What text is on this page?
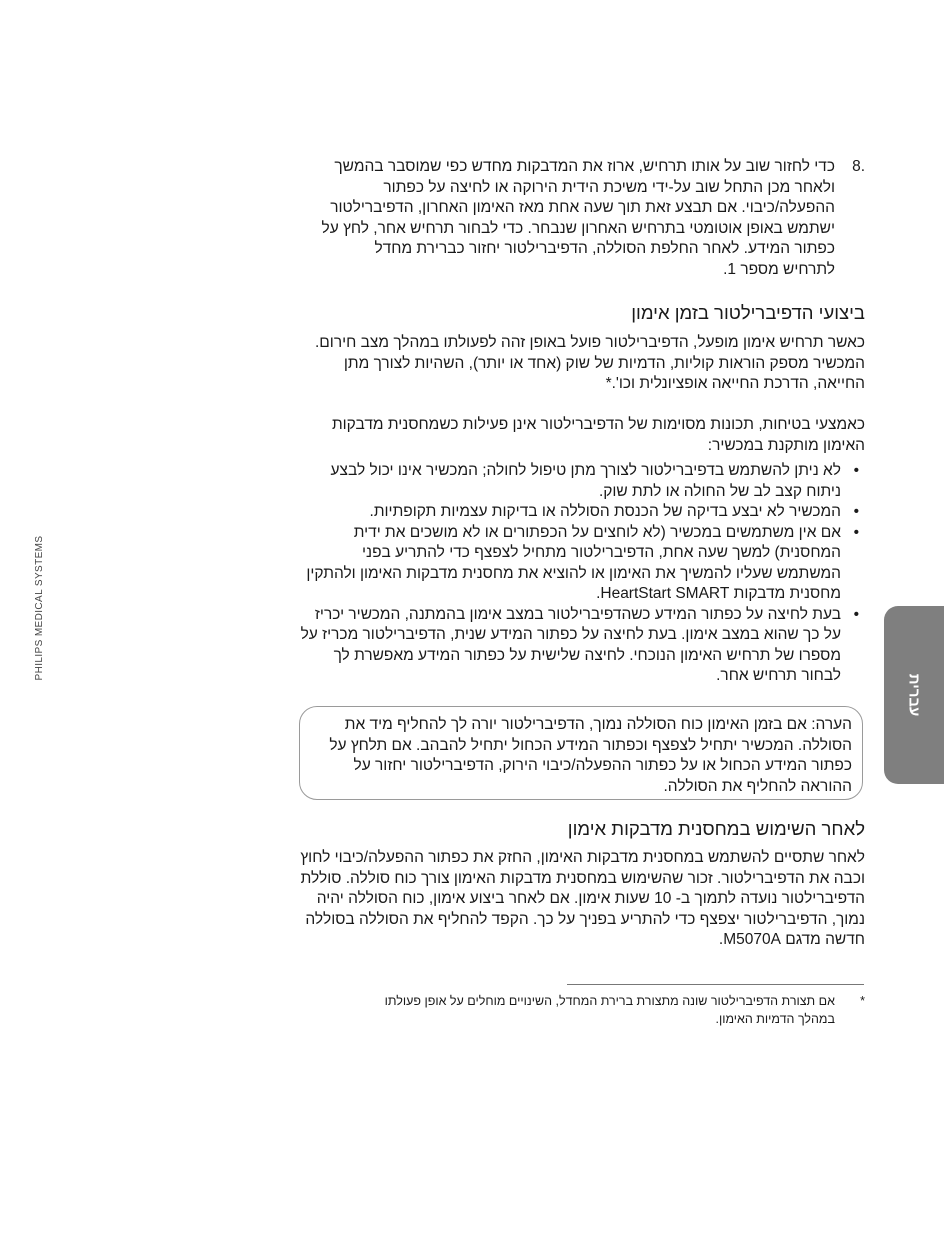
.8
כדי לחזור שוב על אותו תרחיש, ארוז את המדבקות מחדש כפי שמוסבר בהמשך ולאחר מכן התחל שוב על-ידי משיכת הידית הירוקה או לחיצה על כפתור ההפעלה/כיבוי. אם תבצע זאת תוך שעה אחת מאז האימון האחרון, הדפיברילטור ישתמש באופן אוטומטי בתרחיש האחרון שנבחר. כדי לבחור תרחיש אחר, לחץ על כפתור המידע. לאחר החלפת הסוללה, הדפיברילטור יחזור כברירת מחדל לתרחיש מספר 1.
ביצועי הדפיברילטור בזמן אימון

כאשר תרחיש אימון מופעל, הדפיברילטור פועל באופן זהה לפעולתו במהלך מצב חירום. המכשיר מספק הוראות קוליות, הדמיות של שוק (אחד או יותר), השהיות לצורך מתן החייאה, הדרכת החייאה אופציונלית וכו'.*

כאמצעי בטיחות, תכונות מסוימות של הדפיברילטור אינן פעילות כשמחסנית מדבקות האימון מותקנת במכשיר:

•
לא ניתן להשתמש בדפיברילטור לצורך מתן טיפול לחולה; המכשיר אינו יכול לבצע ניתוח קצב לב של החולה או לתת שוק.
•
המכשיר לא יבצע בדיקה של הכנסת הסוללה או בדיקות עצמיות תקופתיות.
•
אם אין משתמשים במכשיר (לא לוחצים על הכפתורים או לא מושכים את ידית המחסנית) למשך שעה אחת, הדפיברילטור מתחיל לצפצף כדי להתריע בפני המשתמש שעליו להמשיך את האימון או להוציא את מחסנית מדבקות האימון ולהתקין מחסנית מדבקות HeartStart SMART.
•
בעת לחיצה על כפתור המידע כשהדפיברילטור במצב אימון בהמתנה, המכשיר יכריז על כך שהוא במצב אימון. בעת לחיצה על כפתור המידע שנית, הדפיברילטור מכריז על מספרו של תרחיש האימון הנוכחי. לחיצה שלישית על כפתור המידע מאפשרת לך לבחור תרחיש אחר.

הערה: אם בזמן האימון כוח הסוללה נמוך, הדפיברילטור יורה לך להחליף מיד את הסוללה. המכשיר יתחיל לצפצף וכפתור המידע הכחול יתחיל להבהב. אם תלחץ על כפתור המידע הכחול או על כפתור ההפעלה/כיבוי הירוק, הדפיברילטור יחזור על ההוראה להחליף את הסוללה.

לאחר השימוש במחסנית מדבקות אימון

לאחר שתסיים להשתמש במחסנית מדבקות האימון, החזק את כפתור ההפעלה/כיבוי לחוץ וכבה את הדפיברילטור. זכור שהשימוש במחסנית מדבקות האימון צורך כוח סוללה. סוללת הדפיברילטור נועדה לתמוך ב- 10 שעות אימון. אם לאחר ביצוע אימון, כוח הסוללה יהיה נמוך, הדפיברילטור יצפצף כדי להתריע בפניך על כך. הקפד להחליף את הסוללה בסוללה חדשה מדגם M5070A.

*
אם תצורת הדפיברילטור שונה מתצורת ברירת המחדל, השינויים מוחלים על אופן פעולתו במהלך הדמיות האימון.
PHILIPS MEDICAL SYSTEMS
עברית
